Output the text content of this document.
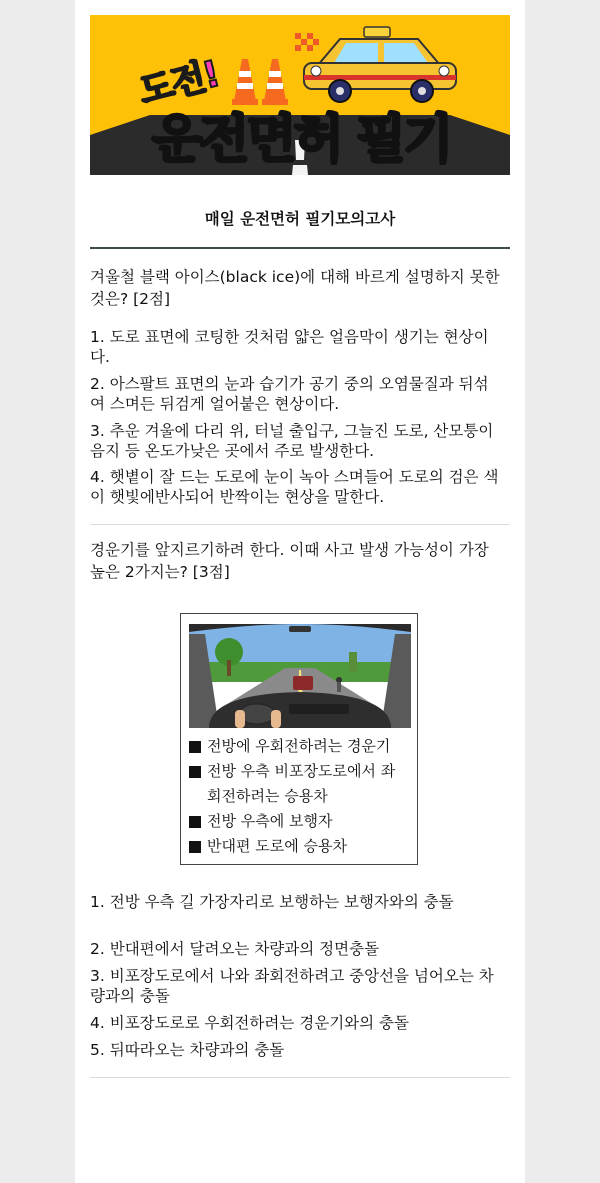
도전!
운전면허 필기
매일 운전면허 필기모의고사
겨울철 블랙 아이스(black ice)에 대해 바르게 설명하지 못한 것은? [2점]
1. 도로 표면에 코팅한 것처럼 얇은 얼음막이 생기는 현상이다.
2. 아스팔트 표면의 눈과 습기가 공기 중의 오염물질과 뒤섞여 스며든 뒤검게 얼어붙은 현상이다.
3. 추운 겨울에 다리 위, 터널 출입구, 그늘진 도로, 산모퉁이 음지 등 온도가낮은 곳에서 주로 발생한다.
4. 햇볕이 잘 드는 도로에 눈이 녹아 스며들어 도로의 검은 색이 햇빛에반사되어 반짝이는 현상을 말한다.
경운기를 앞지르기하려 한다. 이때 사고 발생 가능성이 가장 높은 2가지는? [3점]
전방에 우회전하려는 경운기
전방 우측 비포장도로에서 좌
회전하려는 승용차
전방 우측에 보행자
반대편 도로에 승용차
1. 전방 우측 길 가장자리로 보행하는 보행자와의 충돌
2. 반대편에서 달려오는 차량과의 정면충돌
3. 비포장도로에서 나와 좌회전하려고 중앙선을 넘어오는 차량과의 충돌
4. 비포장도로로 우회전하려는 경운기와의 충돌
5. 뒤따라오는 차량과의 충돌
